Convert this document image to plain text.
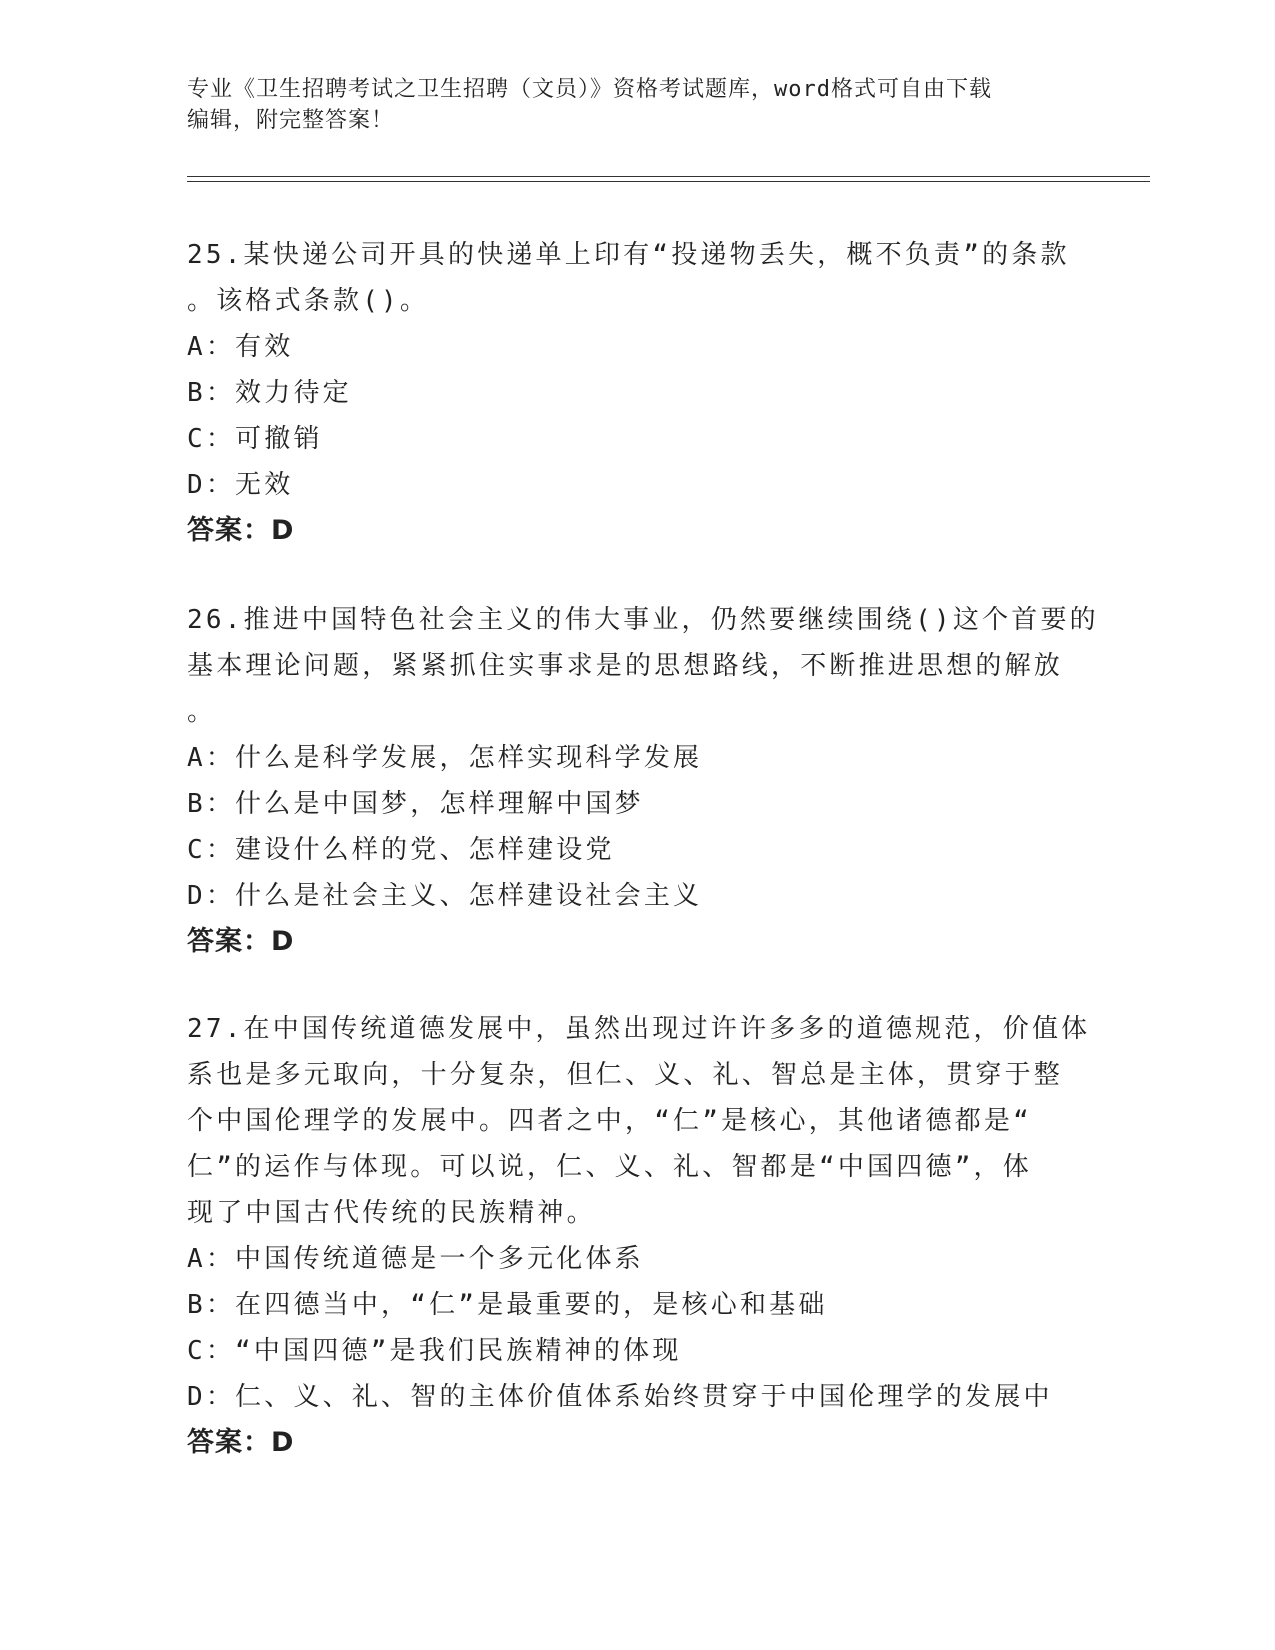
专业《卫生招聘考试之卫生招聘（文员）》资格考试题库，word格式可自由下载
编辑，附完整答案！
25.某快递公司开具的快递单上印有“投递物丢失，概不负责”的条款
。该格式条款()。
A：有效
B：效力待定
C：可撤销
D：无效
答案：D
26.推进中国特色社会主义的伟大事业，仍然要继续围绕()这个首要的
基本理论问题，紧紧抓住实事求是的思想路线，不断推进思想的解放
。
A：什么是科学发展，怎样实现科学发展
B：什么是中国梦，怎样理解中国梦
C：建设什么样的党、怎样建设党
D：什么是社会主义、怎样建设社会主义
答案：D
27.在中国传统道德发展中，虽然出现过许许多多的道德规范，价值体
系也是多元取向，十分复杂，但仁、义、礼、智总是主体，贯穿于整
个中国伦理学的发展中。四者之中，“仁”是核心，其他诸德都是“
仁”的运作与体现。可以说，仁、义、礼、智都是“中国四德”，体
现了中国古代传统的民族精神。
A：中国传统道德是一个多元化体系
B：在四德当中，“仁”是最重要的，是核心和基础
C：“中国四德”是我们民族精神的体现
D：仁、义、礼、智的主体价值体系始终贯穿于中国伦理学的发展中
答案：D
